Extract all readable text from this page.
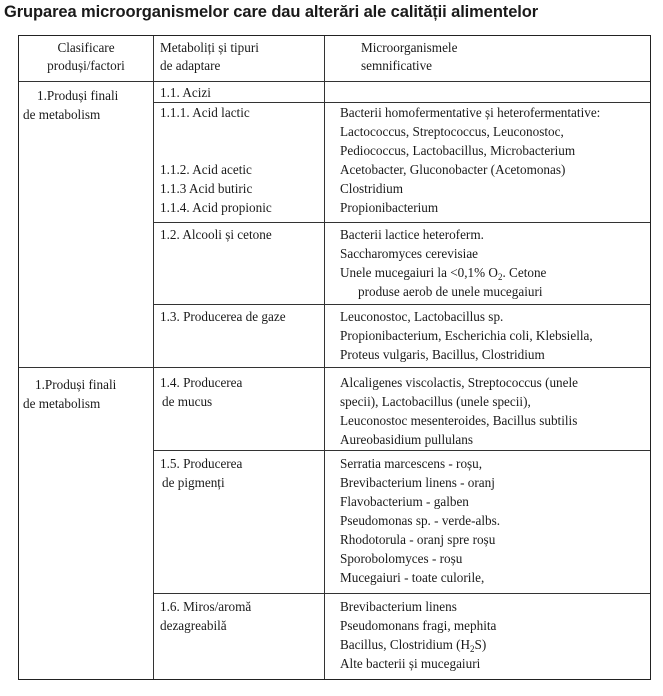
Gruparea microorganismelor care dau alterări ale calității alimentelor
Clasificare
produși/factori
Metaboliți și tipuri
de adaptare
Microorganismele
semnificative
1.Produși finali
de metabolism
1.Produși finali
de metabolism
1.1. Acizi
1.1.1. Acid lactic
1.1.2. Acid acetic
1.1.3 Acid butiric
1.1.4. Acid propionic
Bacterii homofermentative și heterofermentative:
Lactococcus, Streptococcus, Leuconostoc,
Pediococcus, Lactobacillus, Microbacterium
Acetobacter, Gluconobacter (Acetomonas)
Clostridium
Propionibacterium
1.2. Alcooli și cetone	Bacterii lactice heteroferm.
Saccharomyces cerevisiae
Unele mucegaiuri la <0,1% $O_2$. Cetone
produse aerob de unele mucegaiuri
1.3. Producerea de gaze	Leuconostoc, Lactobacillus sp.
Propionibacterium, Escherichia coli, Klebsiella,
Proteus vulgaris, Bacillus, Clostridium
1.4. Producerea
de mucus
Alcaligenes viscolactis, Streptococcus (unele
specii), Lactobacillus (unele specii),
Leuconostoc mesenteroides, Bacillus subtilis
Aureobasidium pullulans
1.5. Producerea
de pigmenți
Serratia marcescens - roșu,
Brevibacterium linens - oranj
Flavobacterium - galben
Pseudomonas sp. - verde-albs.
Rhodotorula - oranj spre roșu
Sporobolomyces - roșu
Mucegaiuri - toate culorile,
1.6. Miros/aromă
dezagreabilă
Brevibacterium linens
Pseudomonans fragi, mephita
Bacillus, Clostridium $(H_2S)$
Alte bacterii și mucegaiuri
